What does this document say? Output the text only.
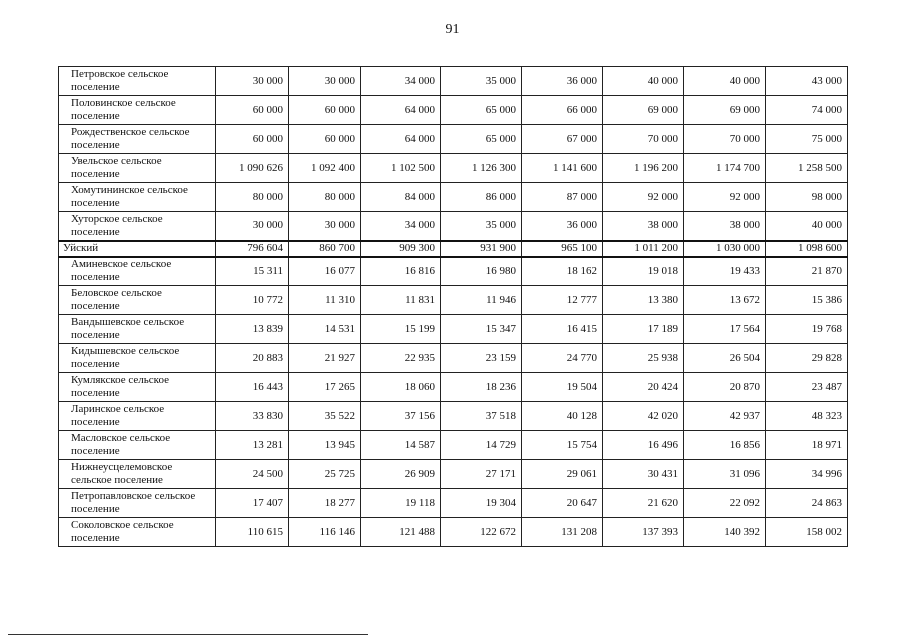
91
Петровское сельское поселение	30 000	30 000	34 000	35 000	36 000	40 000	40 000	43 000
Половинское сельское поселение	60 000	60 000	64 000	65 000	66 000	69 000	69 000	74 000
Рождественское сельское поселение	60 000	60 000	64 000	65 000	67 000	70 000	70 000	75 000
Увельское сельское поселение	1 090 626	1 092 400	1 102 500	1 126 300	1 141 600	1 196 200	1 174 700	1 258 500
Хомутининское сельское поселение	80 000	80 000	84 000	86 000	87 000	92 000	92 000	98 000
Хуторское сельское поселение	30 000	30 000	34 000	35 000	36 000	38 000	38 000	40 000
Уйский	796 604	860 700	909 300	931 900	965 100	1 011 200	1 030 000	1 098 600
Аминевское сельское поселение	15 311	16 077	16 816	16 980	18 162	19 018	19 433	21 870
Беловское сельское поселение	10 772	11 310	11 831	11 946	12 777	13 380	13 672	15 386
Вандышевское сельское поселение	13 839	14 531	15 199	15 347	16 415	17 189	17 564	19 768
Кидышевское сельское поселение	20 883	21 927	22 935	23 159	24 770	25 938	26 504	29 828
Кумлякское сельское поселение	16 443	17 265	18 060	18 236	19 504	20 424	20 870	23 487
Ларинское сельское поселение	33 830	35 522	37 156	37 518	40 128	42 020	42 937	48 323
Масловское сельское поселение	13 281	13 945	14 587	14 729	15 754	16 496	16 856	18 971
Нижнеусцелемовское сельское поселение	24 500	25 725	26 909	27 171	29 061	30 431	31 096	34 996
Петропавловское сельское поселение	17 407	18 277	19 118	19 304	20 647	21 620	22 092	24 863
Соколовское сельское поселение	110 615	116 146	121 488	122 672	131 208	137 393	140 392	158 002
